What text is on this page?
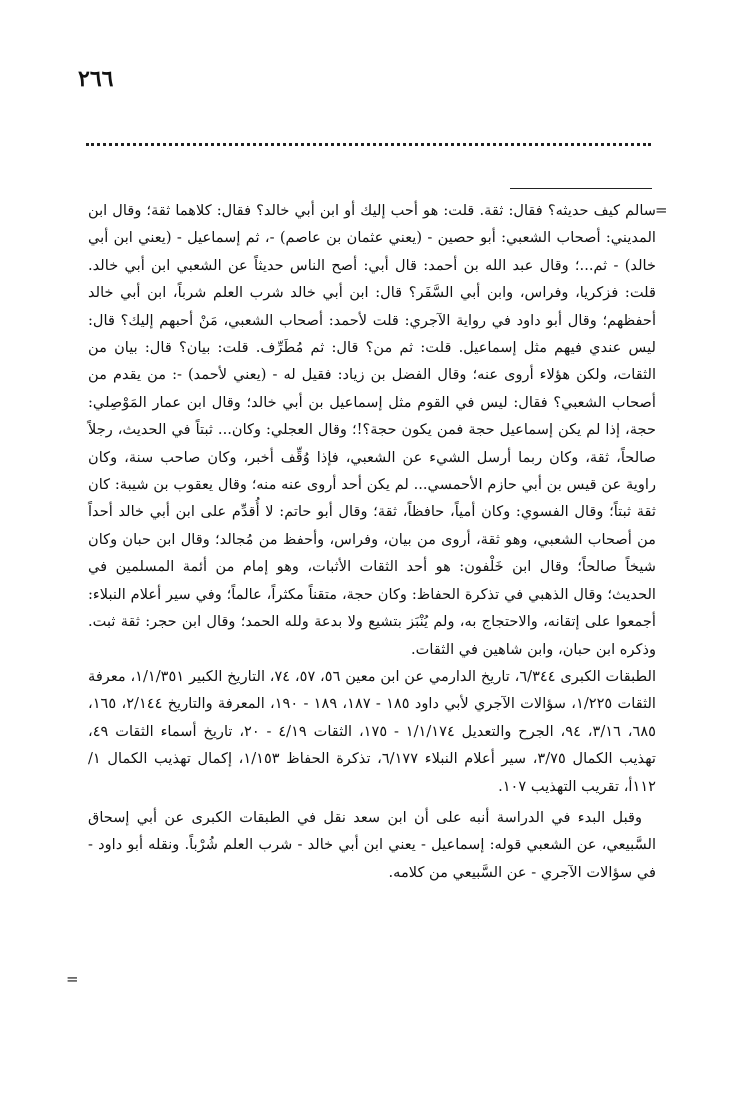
٢٦٦
=

سالم كيف حديثه؟ فقال: ثقة. قلت: هو أحب إليك أو ابن أبي خالد؟ فقال: كلاهما ثقة؛ وقال ابن المديني: أصحاب الشعبي: أبو حصين - (يعني عثمان بن عاصم) -، ثم إسماعيل - (يعني ابن أبي خالد) - ثم...؛ وقال عبد الله بن أحمد: قال أبي: أصح الناس حديثاً عن الشعبي ابن أبي خالد. قلت: فزكريا، وفراس، وابن أبي السَّفَر؟ قال: ابن أبي خالد شرب العلم شرباً، ابن أبي خالد أحفظهم؛ وقال أبو داود في رواية الآجري: قلت لأحمد: أصحاب الشعبي، مَنْ أحبهم إليك؟ قال: ليس عندي فيهم مثل إسماعيل. قلت: ثم من؟ قال: ثم مُطَرِّف. قلت: بيان؟ قال: بيان من الثقات، ولكن هؤلاء أروى عنه؛ وقال الفضل بن زياد: فقيل له - (يعني لأحمد) -: من يقدم من أصحاب الشعبي؟ فقال: ليس في القوم مثل إسماعيل بن أبي خالد؛ وقال ابن عمار المَوْصِلي: حجة، إذا لم يكن إسماعيل حجة فمن يكون حجة؟!؛ وقال العجلي: وكان... ثبتاً في الحديث، رجلاً صالحاً، ثقة، وكان ربما أرسل الشيء عن الشعبي، فإذا وُقِّف أخبر، وكان صاحب سنة، وكان راوية عن قيس بن أبي حازم الأحمسي... لم يكن أحد أروى عنه منه؛ وقال يعقوب بن شيبة: كان ثقة ثبتاً؛ وقال الفسوي: وكان أمياً، حافظاً، ثقة؛ وقال أبو حاتم: لا أُقدِّم على ابن أبي خالد أحداً من أصحاب الشعبي، وهو ثقة، أروى من بيان، وفراس، وأحفظ من مُجالد؛ وقال ابن حبان وكان شيخاً صالحاً؛ وقال ابن خَلْفون: هو أحد الثقات الأثبات، وهو إمام من أئمة المسلمين في الحديث؛ وقال الذهبي في تذكرة الحفاظ: وكان حجة، متقناً مكثراً، عالماً؛ وفي سير أعلام النبلاء: أجمعوا على إتقانه، والاحتجاج به، ولم يُنْبَز بتشيع ولا بدعة ولله الحمد؛ وقال ابن حجر: ثقة ثبت. وذكره ابن حبان، وابن شاهين في الثقات.

الطبقات الكبرى ٦/٣٤٤، تاريخ الدارمي عن ابن معين ٥٦، ٥٧، ٧٤، التاريخ الكبير ١/١/٣٥١، معرفة الثقات ١/٢٢٥، سؤالات الآجري لأبي داود ١٨٥ - ١٨٧، ١٨٩ - ١٩٠، المعرفة والتاريخ ٢/١٤٤، ١٦٥، ٦٨٥، ٣/١٦، ٩٤، الجرح والتعديل ١/١/١٧٤ - ١٧٥، الثقات ٤/١٩ - ٢٠، تاريخ أسماء الثقات ٤٩، تهذيب الكمال ٣/٧٥، سير أعلام النبلاء ٦/١٧٧، تذكرة الحفاظ ١/١٥٣، إكمال تهذيب الكمال ١/ ١١٢أ، تقريب التهذيب ١٠٧.

وقبل البدء في الدراسة أنبه على أن ابن سعد نقل في الطبقات الكبرى عن أبي إسحاق السَّبيعي، عن الشعبي قوله: إسماعيل - يعني ابن أبي خالد - شرب العلم شُرْباً. ونقله أبو داود - في سؤالات الآجري - عن السَّبيعي من كلامه.

=
